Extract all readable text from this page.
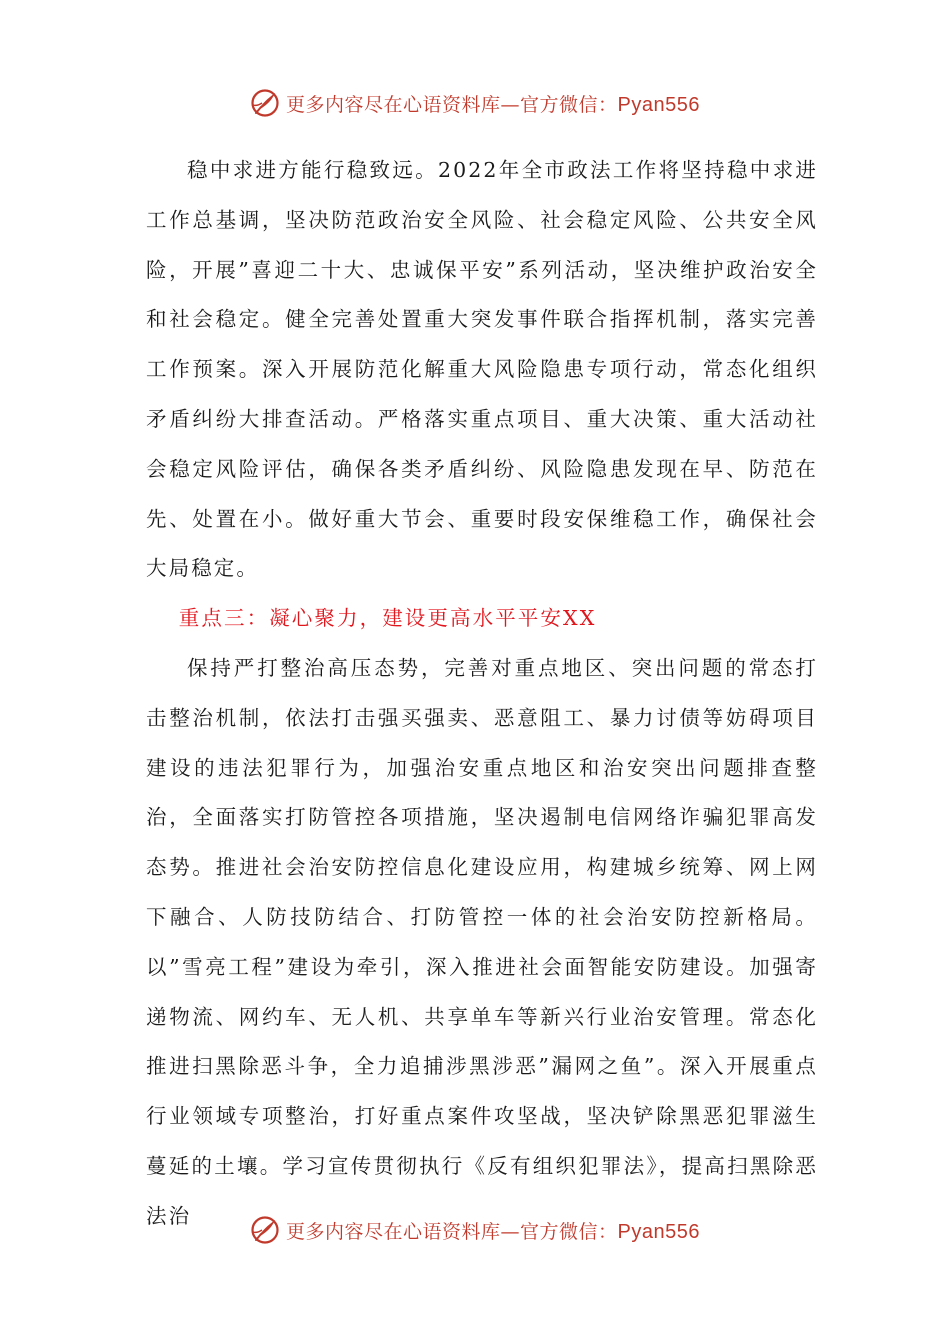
更多内容尽在心语资料库—官方微信：Pyan556

稳中求进方能行稳致远。2022年全市政法工作将坚持稳中求进工作总基调，坚决防范政治安全风险、社会稳定风险、公共安全风险，开展”喜迎二十大、忠诚保平安”系列活动，坚决维护政治安全和社会稳定。健全完善处置重大突发事件联合指挥机制，落实完善工作预案。深入开展防范化解重大风险隐患专项行动，常态化组织矛盾纠纷大排查活动。严格落实重点项目、重大决策、重大活动社会稳定风险评估，确保各类矛盾纠纷、风险隐患发现在早、防范在先、处置在小。做好重大节会、重要时段安保维稳工作，确保社会大局稳定。

重点三：凝心聚力，建设更高水平平安XX

保持严打整治高压态势，完善对重点地区、突出问题的常态打击整治机制，依法打击强买强卖、恶意阻工、暴力讨债等妨碍项目建设的违法犯罪行为，加强治安重点地区和治安突出问题排查整治，全面落实打防管控各项措施，坚决遏制电信网络诈骗犯罪高发态势。推进社会治安防控信息化建设应用，构建城乡统筹、网上网下融合、人防技防结合、打防管控一体的社会治安防控新格局。以”雪亮工程”建设为牵引，深入推进社会面智能安防建设。加强寄递物流、网约车、无人机、共享单车等新兴行业治安管理。常态化推进扫黑除恶斗争，全力追捕涉黑涉恶”漏网之鱼”。深入开展重点行业领域专项整治，打好重点案件攻坚战，坚决铲除黑恶犯罪滋生蔓延的土壤。学习宣传贯彻执行《反有组织犯罪法》，提高扫黑除恶法治

更多内容尽在心语资料库—官方微信：Pyan556
